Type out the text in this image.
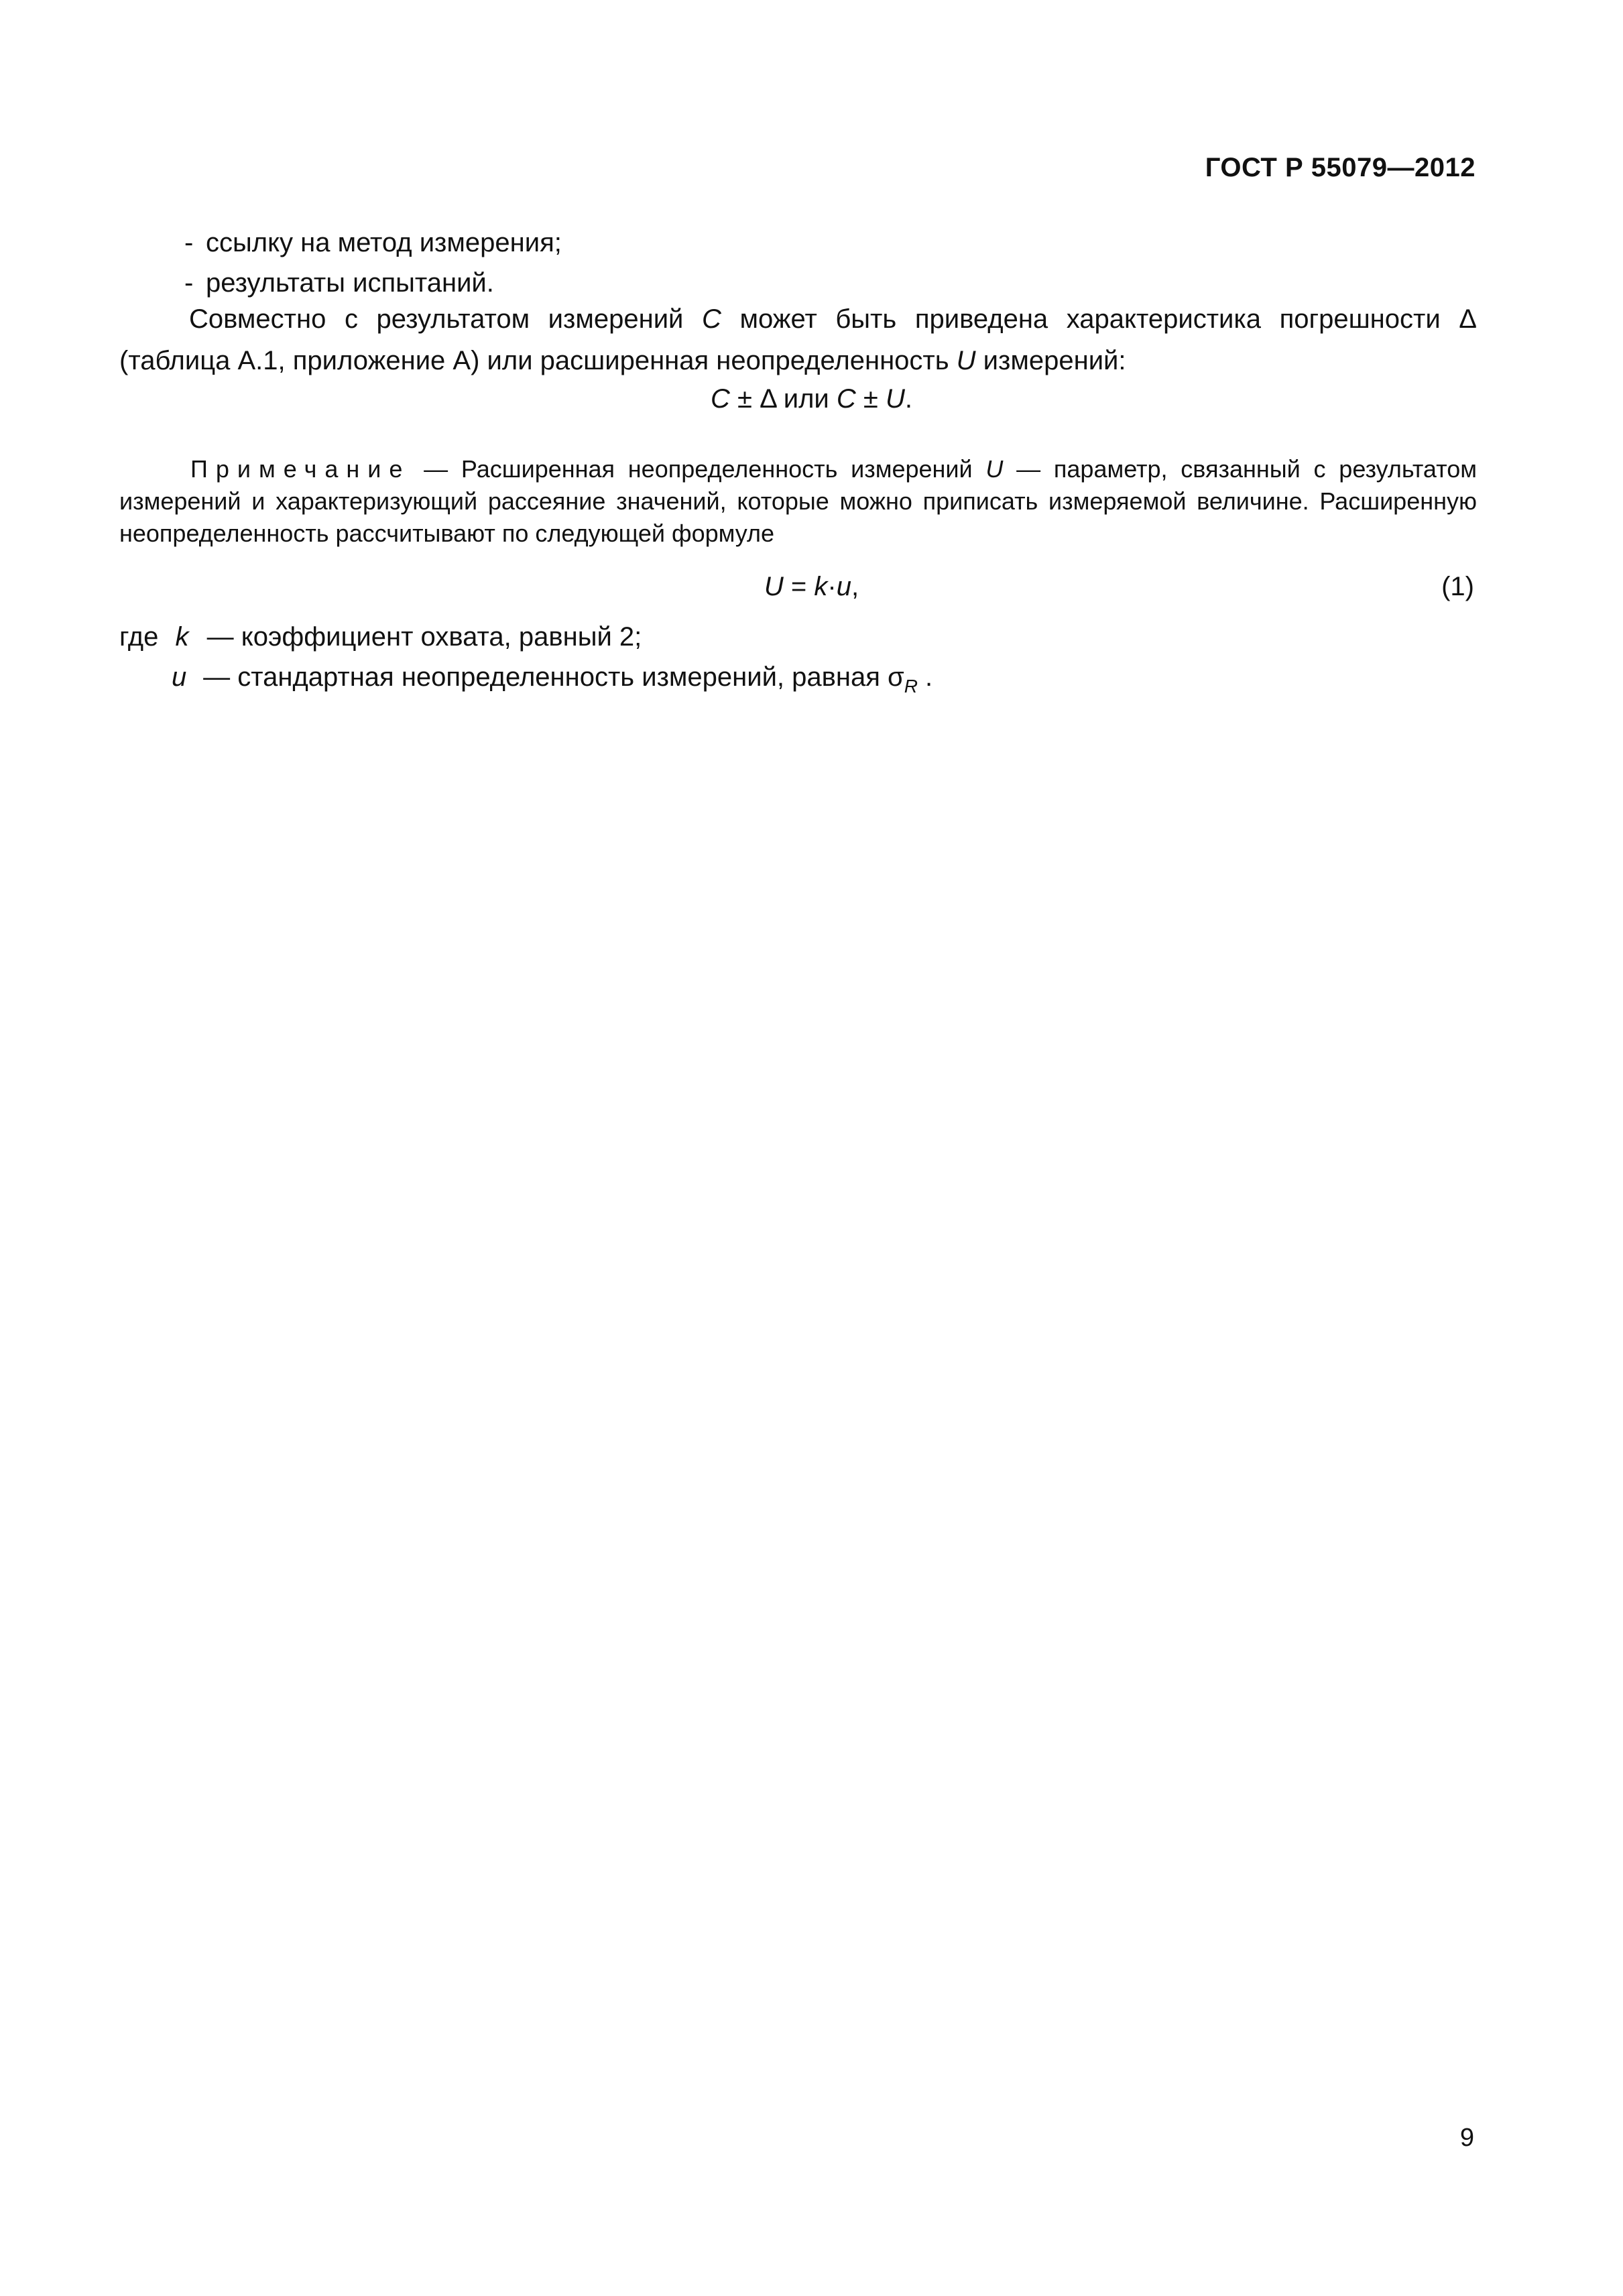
ГОСТ Р 55079—2012
- ссылку на метод измерения;
- результаты испытаний.
Совместно с результатом измерений C может быть приведена характеристика погрешности Δ (таблица А.1, приложение А) или расширенная неопределенность U измерений:
C ± Δ или C ± U.
Примечание — Расширенная неопределенность измерений U — параметр, связанный с результатом измерений и характеризующий рассеяние значений, которые можно приписать измеряемой величине. Расширенную неопределенность рассчитывают по следующей формуле
U = k·u,	(1)
где k — коэффициент охвата, равный 2;
u — стандартная неопределенность измерений, равная $\sigma_R$ .
9
